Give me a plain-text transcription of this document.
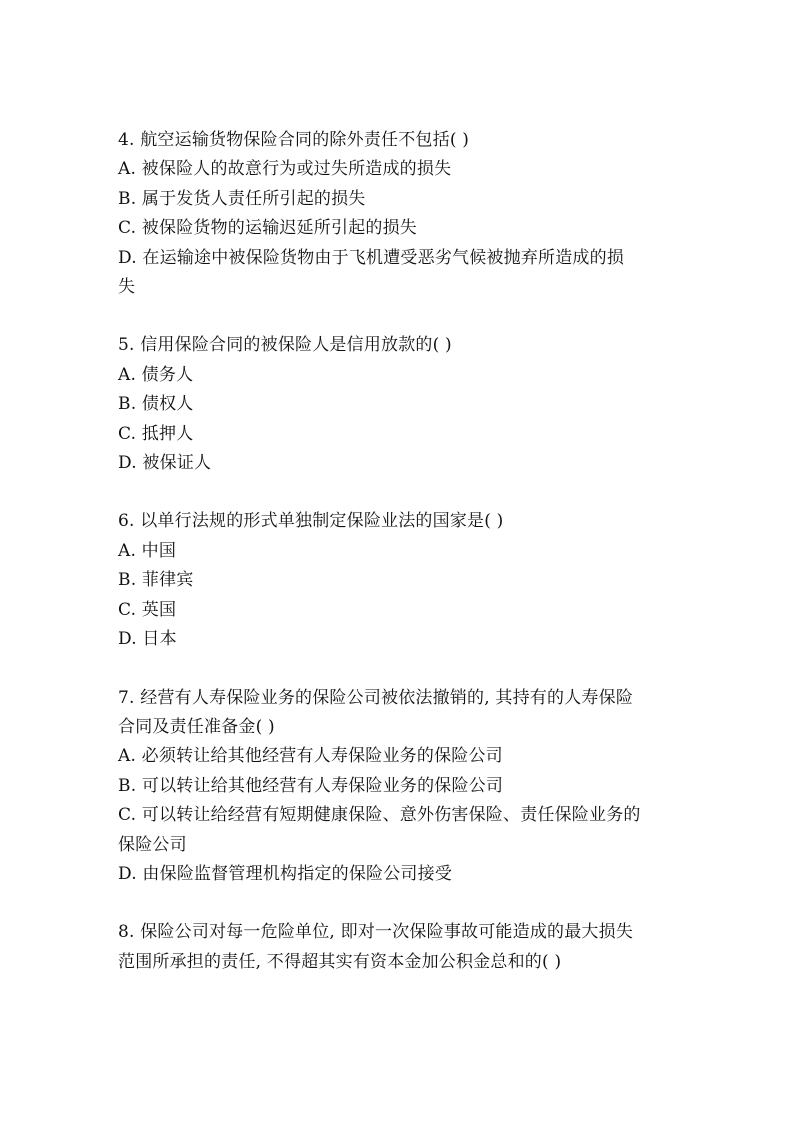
4. 航空运输货物保险合同的除外责任不包括( )
A. 被保险人的故意行为或过失所造成的损失
B. 属于发货人责任所引起的损失
C. 被保险货物的运输迟延所引起的损失
D. 在运输途中被保险货物由于飞机遭受恶劣气候被抛弃所造成的损
失
5. 信用保险合同的被保险人是信用放款的( )
A. 债务人
B. 债权人
C. 抵押人
D. 被保证人
6. 以单行法规的形式单独制定保险业法的国家是( )
A. 中国
B. 菲律宾
C. 英国
D. 日本
7. 经营有人寿保险业务的保险公司被依法撤销的, 其持有的人寿保险
合同及责任准备金( )
A. 必须转让给其他经营有人寿保险业务的保险公司
B. 可以转让给其他经营有人寿保险业务的保险公司
C. 可以转让给经营有短期健康保险、意外伤害保险、责任保险业务的
保险公司
D. 由保险监督管理机构指定的保险公司接受
8. 保险公司对每一危险单位, 即对一次保险事故可能造成的最大损失
范围所承担的责任, 不得超其实有资本金加公积金总和的( )
